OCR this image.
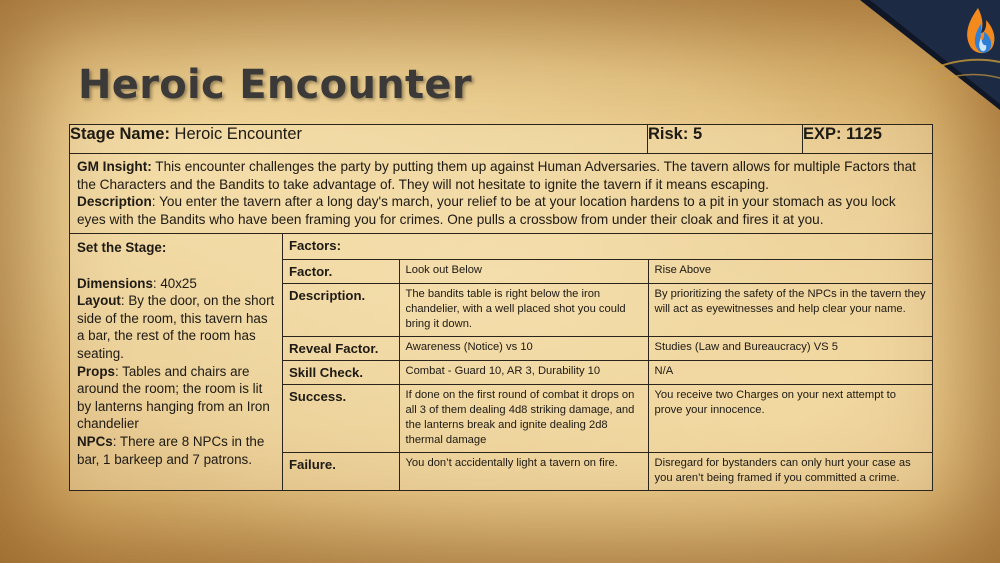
Heroic Encounter
Stage Name: Heroic Encounter	Risk: 5	EXP: 1125

GM Insight: This encounter challenges the party by putting them up against Human Adversaries. The tavern allows for multiple Factors that the Characters and the Bandits to take advantage of. They will not hesitate to ignite the tavern if it means escaping.
Description: You enter the tavern after a long day's march, your relief to be at your location hardens to a pit in your stomach as you lock eyes with the Bandits who have been framing you for crimes. One pulls a crossbow from under their cloak and fires it at you.

Set the Stage:
Dimensions: 40x25
Layout: By the door, on the short side of the room, this tavern has a bar, the rest of the room has seating.
Props: Tables and chairs are around the room; the room is lit by lanterns hanging from an Iron chandelier
NPCs: There are 8 NPCs in the bar, 1 barkeep and 7 patrons.

Factors:
Factor.	Look out Below	Rise Above
Description.	The bandits table is right below the iron chandelier, with a well placed shot you could bring it down.	By prioritizing the safety of the NPCs in the tavern they will act as eyewitnesses and help clear your name.
Reveal Factor.	Awareness (Notice) vs 10	Studies (Law and Bureaucracy) VS 5
Skill Check.	Combat - Guard 10, AR 3, Durability 10	N/A
Success.	If done on the first round of combat it drops on all 3 of them dealing 4d8 striking damage, and the lanterns break and ignite dealing 2d8 thermal damage	You receive two Charges on your next attempt to prove your innocence.
Failure.	You don’t accidentally light a tavern on fire.	Disregard for bystanders can only hurt your case as you aren’t being framed if you committed a crime.
